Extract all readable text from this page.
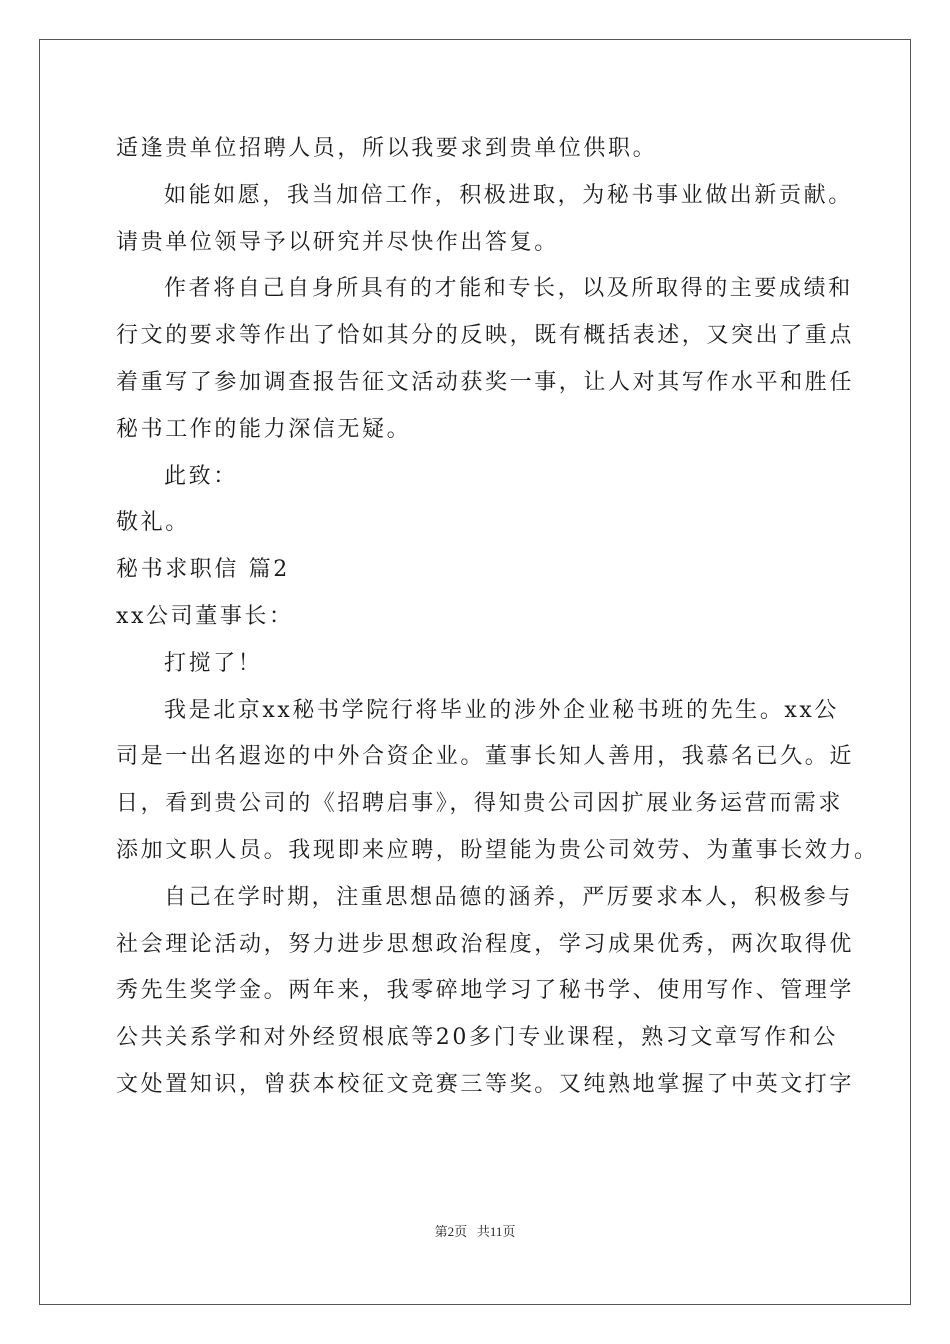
适逢贵单位招聘人员，所以我要求到贵单位供职。
如能如愿，我当加倍工作，积极进取，为秘书事业做出新贡献。
请贵单位领导予以研究并尽快作出答复。
作者将自己自身所具有的才能和专长，以及所取得的主要成绩和
行文的要求等作出了恰如其分的反映，既有概括表述，又突出了重点
着重写了参加调查报告征文活动获奖一事，让人对其写作水平和胜任
秘书工作的能力深信无疑。
此致：
敬礼。
秘书求职信 篇2
xx公司董事长：
打搅了！
我是北京xx秘书学院行将毕业的涉外企业秘书班的先生。xx公
司是一出名遐迩的中外合资企业。董事长知人善用，我慕名已久。近
日，看到贵公司的《招聘启事》，得知贵公司因扩展业务运营而需求
添加文职人员。我现即来应聘，盼望能为贵公司效劳、为董事长效力。
自己在学时期，注重思想品德的涵养，严厉要求本人，积极参与
社会理论活动，努力进步思想政治程度，学习成果优秀，两次取得优
秀先生奖学金。两年来，我零碎地学习了秘书学、使用写作、管理学
公共关系学和对外经贸根底等20多门专业课程，熟习文章写作和公
文处置知识，曾获本校征文竞赛三等奖。又纯熟地掌握了中英文打字
第2页   共11页
